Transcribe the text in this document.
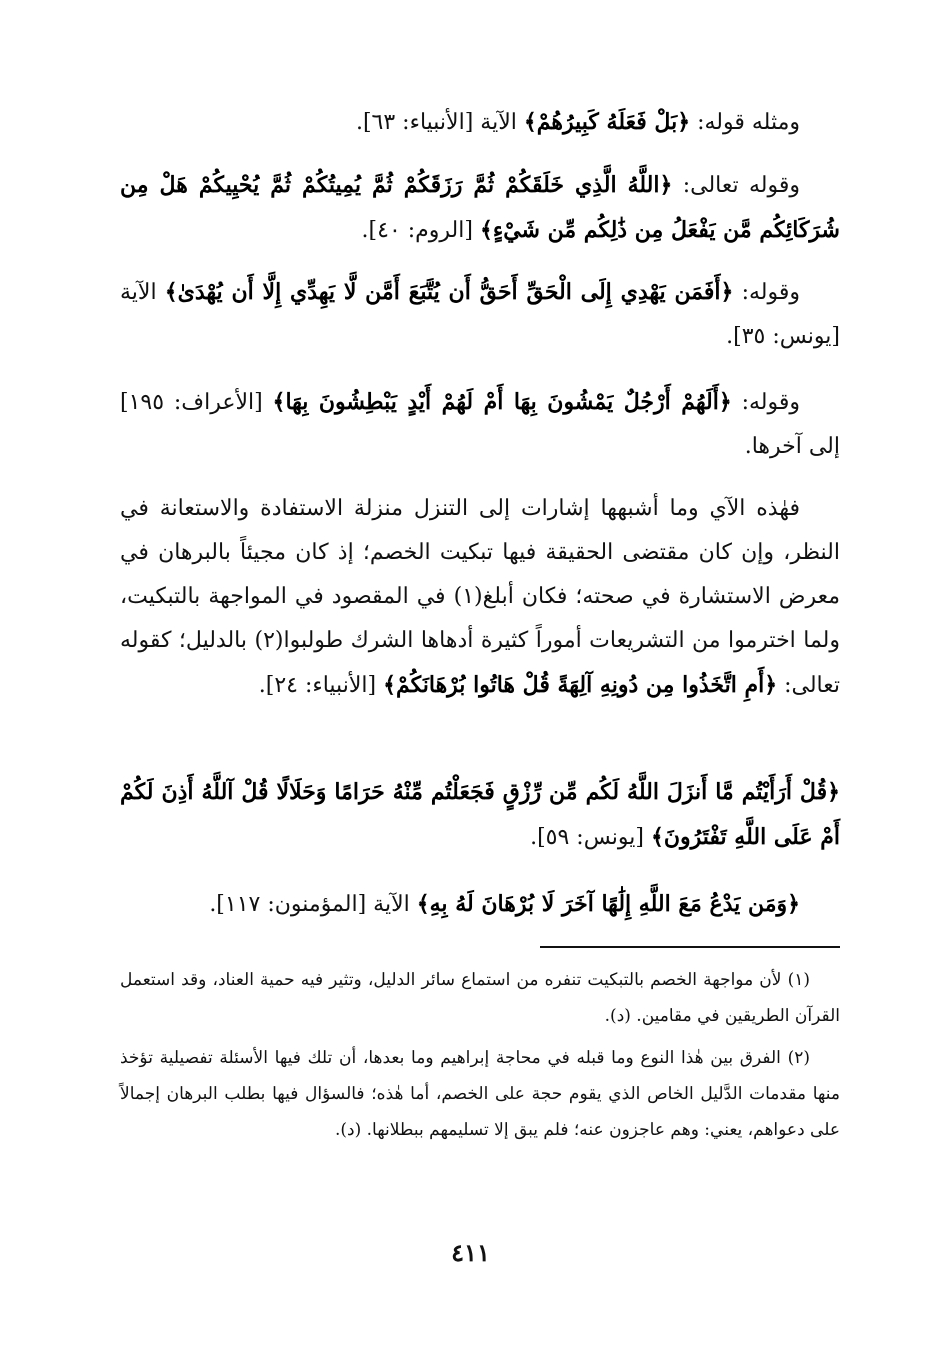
ومثله قوله: ﴿بَلْ فَعَلَهُ كَبِيرُهُمْ﴾ الآية [الأنبياء: ٦٣].

وقوله تعالى: ﴿اللَّهُ الَّذِي خَلَقَكُمْ ثُمَّ رَزَقَكُمْ ثُمَّ يُمِيتُكُمْ ثُمَّ يُحْيِيكُمْ هَلْ مِن شُرَكَائِكُم مَّن يَفْعَلُ مِن ذَٰلِكُم مِّن شَيْءٍ﴾ [الروم: ٤٠].

وقوله: ﴿أَفَمَن يَهْدِي إِلَى الْحَقِّ أَحَقُّ أَن يُتَّبَعَ أَمَّن لَّا يَهِدِّي إِلَّا أَن يُهْدَىٰ﴾ الآية [يونس: ٣٥].

وقوله: ﴿أَلَهُمْ أَرْجُلٌ يَمْشُونَ بِهَا أَمْ لَهُمْ أَيْدٍ يَبْطِشُونَ بِهَا﴾ [الأعراف: ١٩٥] إلى آخرها.

فهٰذه الآي وما أشبهها إشارات إلى التنزل منزلة الاستفادة والاستعانة في النظر، وإن كان مقتضى الحقيقة فيها تبكيت الخصم؛ إذ كان مجيئاً بالبرهان في معرض الاستشارة في صحته؛ فكان أبلغ(١) في المقصود في المواجهة بالتبكيت، ولما اخترموا من التشريعات أموراً كثيرة أدهاها الشرك طولبوا(٢) بالدليل؛ كقوله تعالى: ﴿أَمِ اتَّخَذُوا مِن دُونِهِ آلِهَةً قُلْ هَاتُوا بُرْهَانَكُمْ﴾ [الأنبياء: ٢٤].

﴿قُلْ أَرَأَيْتُم مَّا أَنزَلَ اللَّهُ لَكُم مِّن رِّزْقٍ فَجَعَلْتُم مِّنْهُ حَرَامًا وَحَلَالًا قُلْ آللَّهُ أَذِنَ لَكُمْ أَمْ عَلَى اللَّهِ تَفْتَرُونَ﴾ [يونس: ٥٩].

﴿وَمَن يَدْعُ مَعَ اللَّهِ إِلَٰهًا آخَرَ لَا بُرْهَانَ لَهُ بِهِ﴾ الآية [المؤمنون: ١١٧].

(١) لأن مواجهة الخصم بالتبكيت تنفره من استماع سائر الدليل، وتثير فيه حمية العناد، وقد استعمل القرآن الطريقين في مقامين. (د).

(٢) الفرق بين هٰذا النوع وما قبله في محاجة إبراهيم وما بعدها، أن تلك فيها الأسئلة تفصيلية تؤخذ منها مقدمات الدَّليل الخاص الذي يقوم حجة على الخصم، أما هٰذه؛ فالسؤال فيها بطلب البرهان إجمالاً على دعواهم، يعني: وهم عاجزون عنه؛ فلم يبق إلا تسليمهم ببطلانها. (د).

٤١١
